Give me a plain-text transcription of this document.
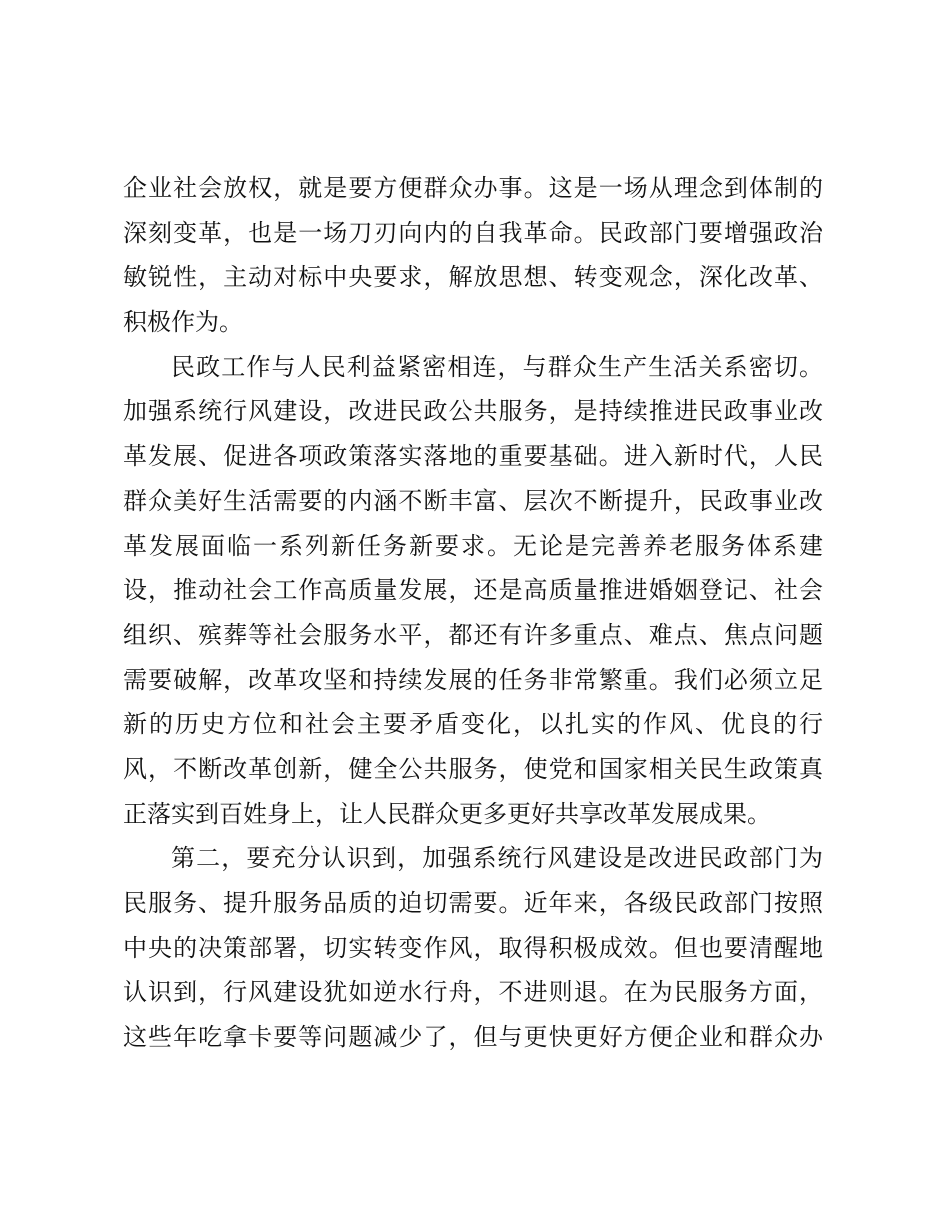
企业社会放权，就是要方便群众办事。这是一场从理念到体制的
深刻变革，也是一场刀刃向内的自我革命。民政部门要增强政治
敏锐性，主动对标中央要求，解放思想、转变观念，深化改革、
积极作为。
民政工作与人民利益紧密相连，与群众生产生活关系密切。
加强系统行风建设，改进民政公共服务，是持续推进民政事业改
革发展、促进各项政策落实落地的重要基础。进入新时代，人民
群众美好生活需要的内涵不断丰富、层次不断提升，民政事业改
革发展面临一系列新任务新要求。无论是完善养老服务体系建
设，推动社会工作高质量发展，还是高质量推进婚姻登记、社会
组织、殡葬等社会服务水平，都还有许多重点、难点、焦点问题
需要破解，改革攻坚和持续发展的任务非常繁重。我们必须立足
新的历史方位和社会主要矛盾变化，以扎实的作风、优良的行
风，不断改革创新，健全公共服务，使党和国家相关民生政策真
正落实到百姓身上，让人民群众更多更好共享改革发展成果。
第二，要充分认识到，加强系统行风建设是改进民政部门为
民服务、提升服务品质的迫切需要。近年来，各级民政部门按照
中央的决策部署，切实转变作风，取得积极成效。但也要清醒地
认识到，行风建设犹如逆水行舟，不进则退。在为民服务方面，
这些年吃拿卡要等问题减少了，但与更快更好方便企业和群众办
